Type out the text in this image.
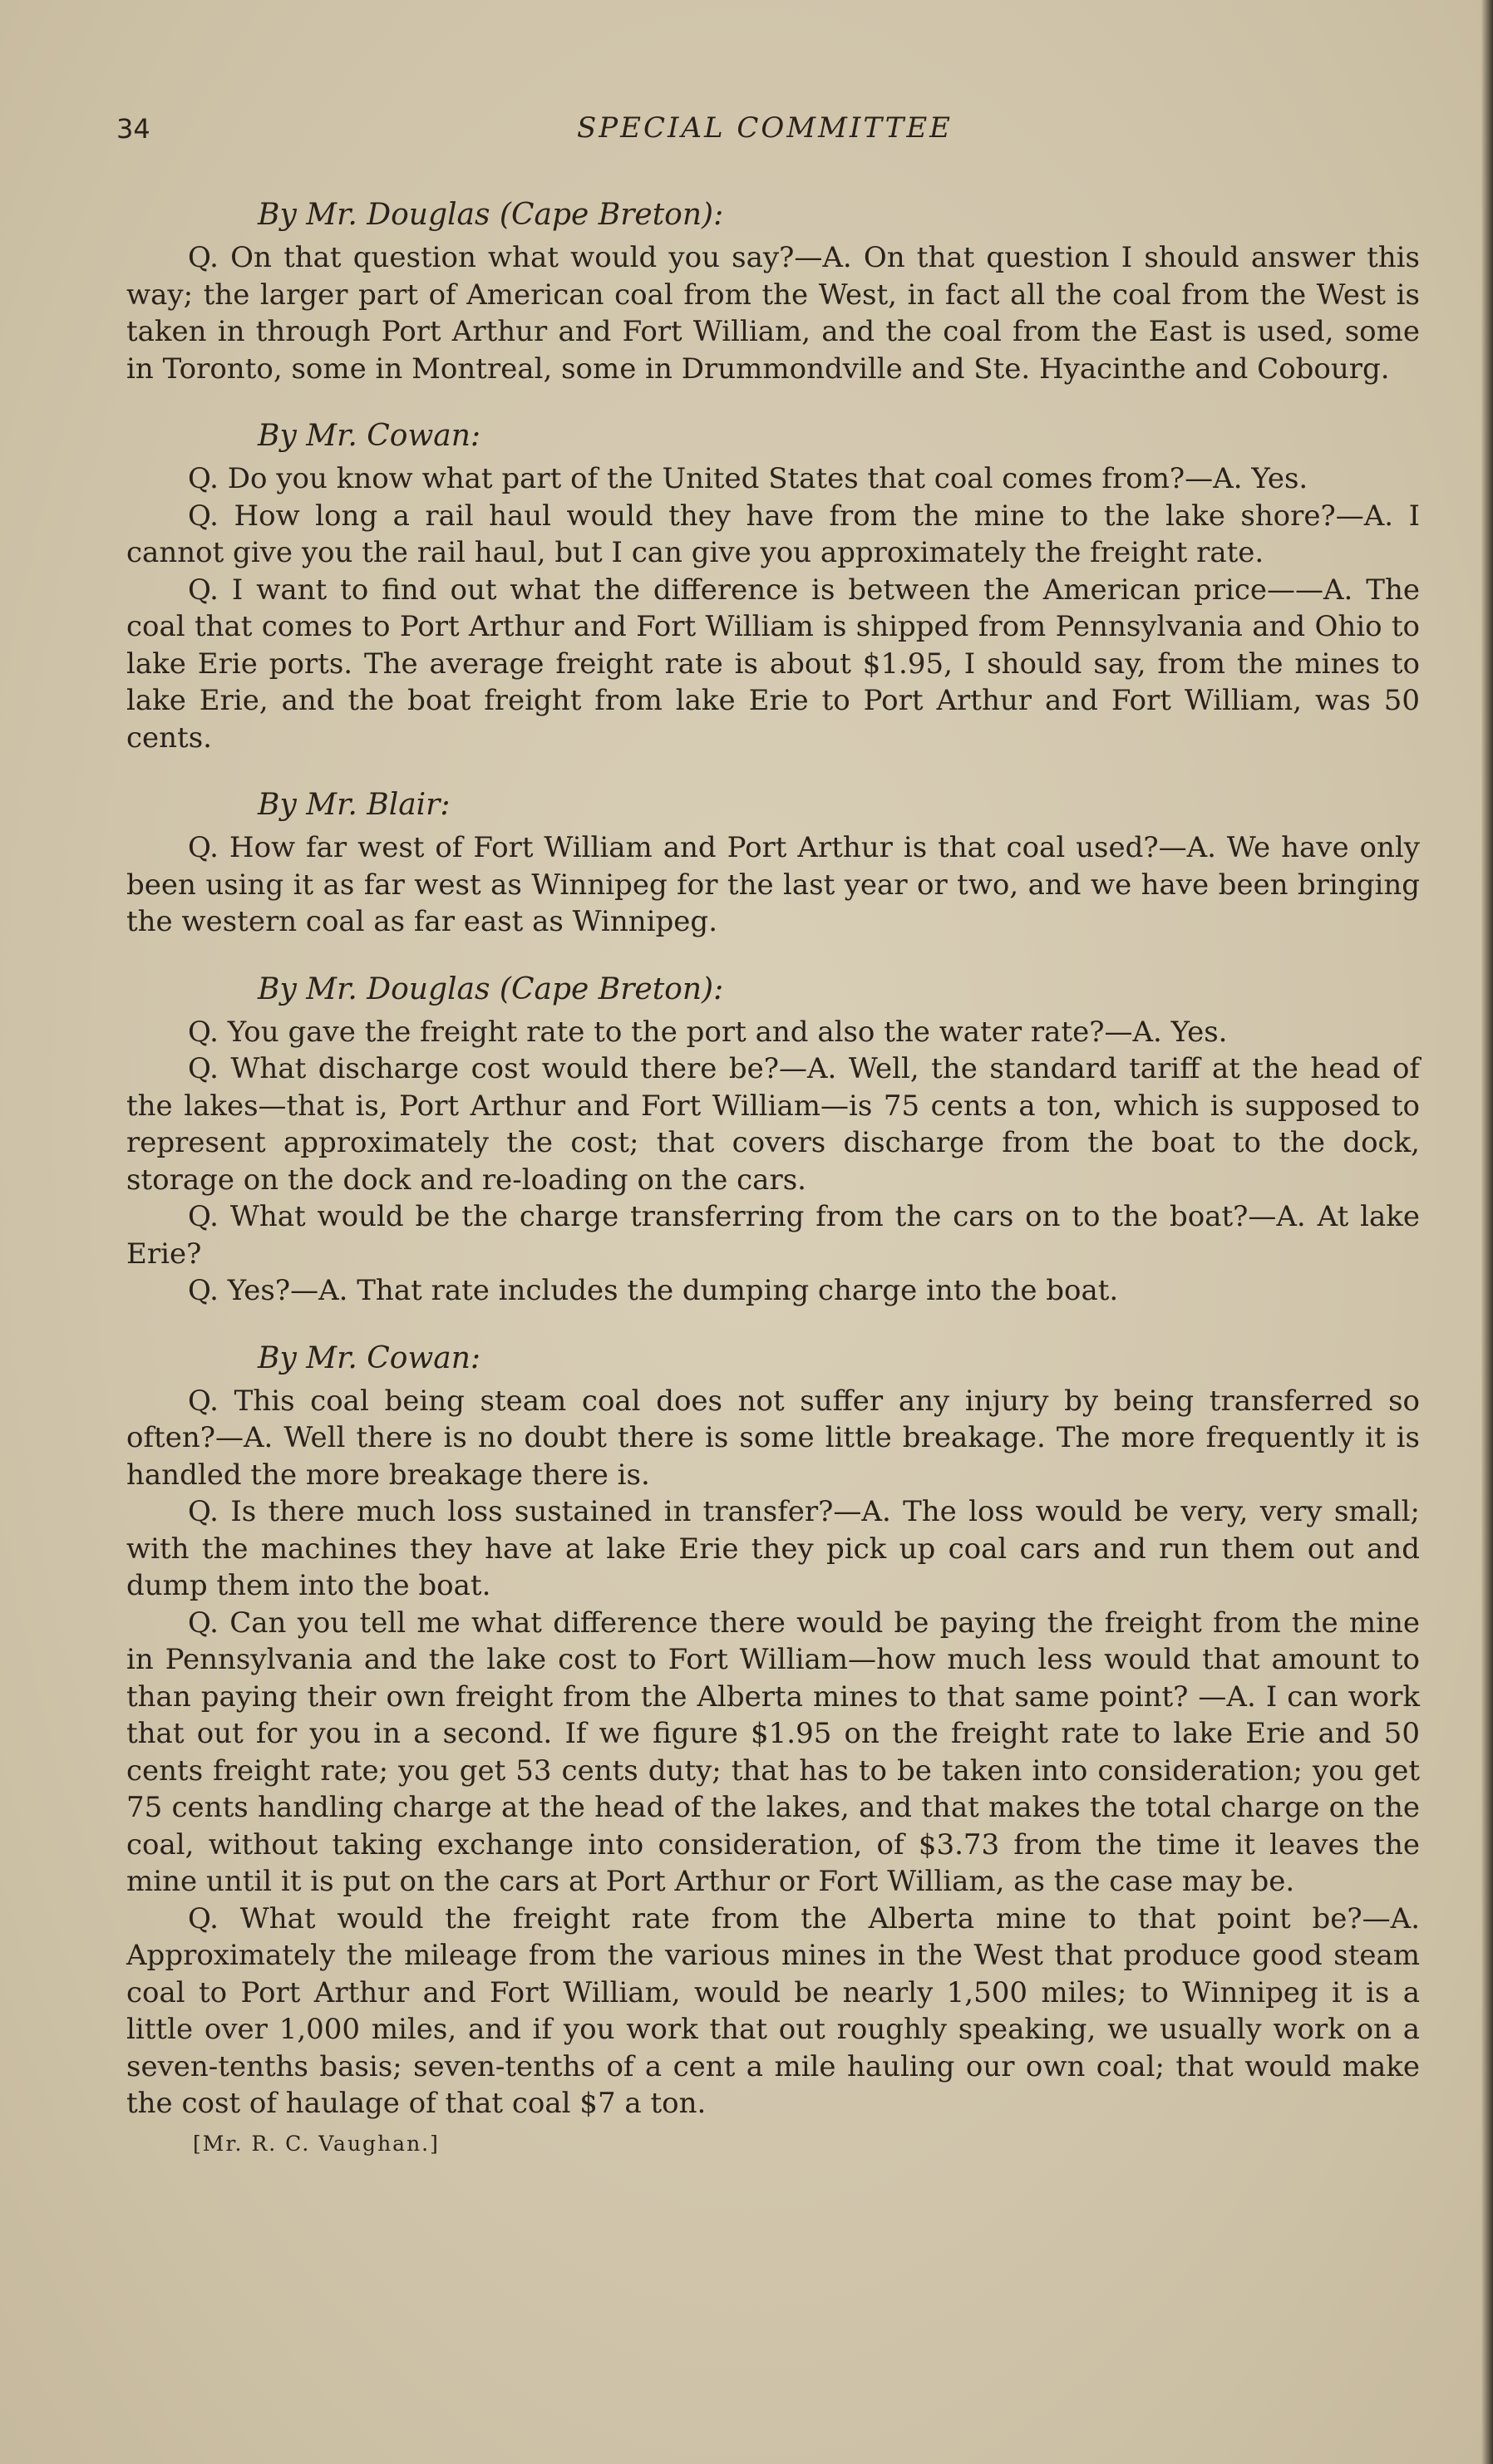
34	SPECIAL COMMITTEE
By Mr. Douglas (Cape Breton):

Q. On that question what would you say?—A. On that question I should answer this way; the larger part of American coal from the West, in fact all the coal from the West is taken in through Port Arthur and Fort William, and the coal from the East is used, some in Toronto, some in Montreal, some in Drummondville and Ste. Hyacinthe and Cobourg.

By Mr. Cowan:

Q. Do you know what part of the United States that coal comes from?—A. Yes.

Q. How long a rail haul would they have from the mine to the lake shore?—A. I cannot give you the rail haul, but I can give you approximately the freight rate.

Q. I want to find out what the difference is between the American price——A. The coal that comes to Port Arthur and Fort William is shipped from Pennsylvania and Ohio to lake Erie ports. The average freight rate is about $1.95, I should say, from the mines to lake Erie, and the boat freight from lake Erie to Port Arthur and Fort William, was 50 cents.

By Mr. Blair:

Q. How far west of Fort William and Port Arthur is that coal used?—A. We have only been using it as far west as Winnipeg for the last year or two, and we have been bringing the western coal as far east as Winnipeg.

By Mr. Douglas (Cape Breton):

Q. You gave the freight rate to the port and also the water rate?—A. Yes.

Q. What discharge cost would there be?—A. Well, the standard tariff at the head of the lakes—that is, Port Arthur and Fort William—is 75 cents a ton, which is supposed to represent approximately the cost; that covers discharge from the boat to the dock, storage on the dock and re-loading on the cars.

Q. What would be the charge transferring from the cars on to the boat?—A. At lake Erie?

Q. Yes?—A. That rate includes the dumping charge into the boat.

By Mr. Cowan:

Q. This coal being steam coal does not suffer any injury by being transferred so often?—A. Well there is no doubt there is some little breakage. The more frequently it is handled the more breakage there is.

Q. Is there much loss sustained in transfer?—A. The loss would be very, very small; with the machines they have at lake Erie they pick up coal cars and run them out and dump them into the boat.

Q. Can you tell me what difference there would be paying the freight from the mine in Pennsylvania and the lake cost to Fort William—how much less would that amount to than paying their own freight from the Alberta mines to that same point? —A. I can work that out for you in a second. If we figure $1.95 on the freight rate to lake Erie and 50 cents freight rate; you get 53 cents duty; that has to be taken into consideration; you get 75 cents handling charge at the head of the lakes, and that makes the total charge on the coal, without taking exchange into consideration, of $3.73 from the time it leaves the mine until it is put on the cars at Port Arthur or Fort William, as the case may be.

Q. What would the freight rate from the Alberta mine to that point be?—A. Approximately the mileage from the various mines in the West that produce good steam coal to Port Arthur and Fort William, would be nearly 1,500 miles; to Winnipeg it is a little over 1,000 miles, and if you work that out roughly speaking, we usually work on a seven-tenths basis; seven-tenths of a cent a mile hauling our own coal; that would make the cost of haulage of that coal $7 a ton.

[Mr. R. C. Vaughan.]
